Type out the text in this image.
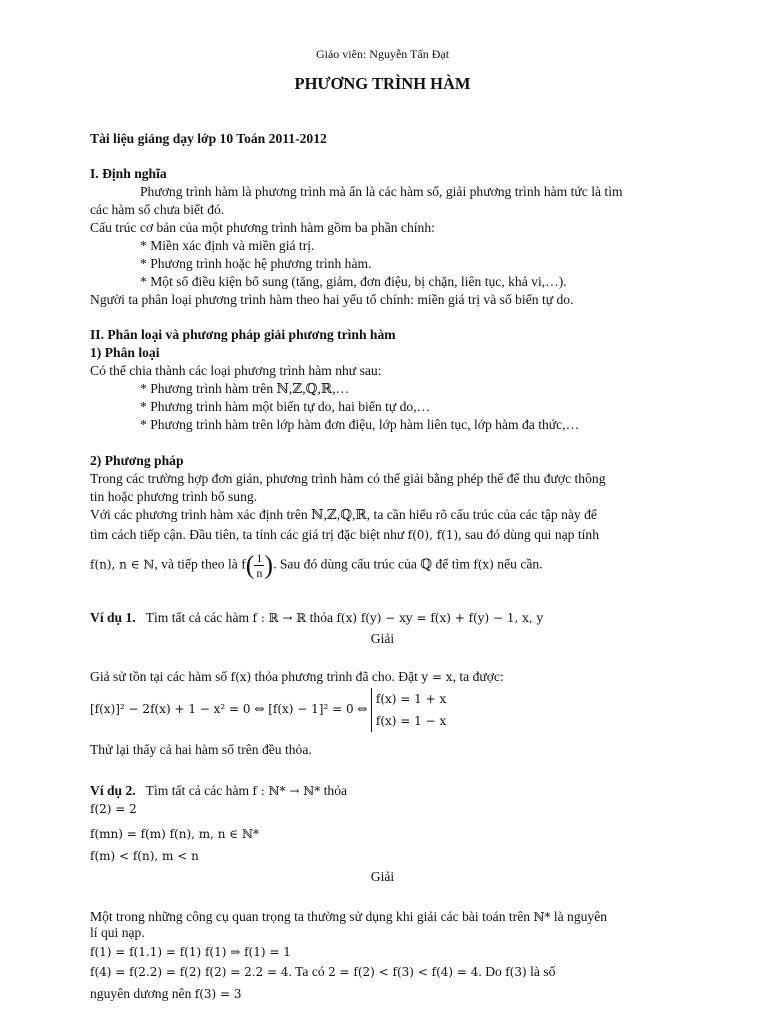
Giáo viên: Nguyễn Tấn Đạt
PHƯƠNG TRÌNH HÀM
Tài liệu giảng dạy lớp 10 Toán 2011-2012
I. Định nghĩa
Phương trình hàm là phương trình mà ẩn là các hàm số, giải phương trình hàm tức là tìm
các hàm số chưa biết đó.
Cấu trúc cơ bản của một phương trình hàm gồm ba phần chính:
* Miền xác định và miền giá trị.
* Phương trình hoặc hệ phương trình hàm.
* Một số điều kiện bổ sung (tăng, giảm, đơn điệu, bị chặn, liên tục, khả vi,…).
Người ta phân loại phương trình hàm theo hai yếu tố chính: miền giá trị và số biến tự do.
II. Phân loại và phương pháp giải phương trình hàm
1) Phân loại
Có thể chia thành các loại phương trình hàm như sau:
* Phương trình hàm trên ℕ,ℤ,ℚ,ℝ,…
* Phương trình hàm một biến tự do, hai biến tự do,…
* Phương trình hàm trên lớp hàm đơn điệu, lớp hàm liên tục, lớp hàm đa thức,…
2) Phương pháp
Trong các trường hợp đơn giản, phương trình hàm có thể giải bằng phép thế để thu được thông
tin hoặc phương trình bổ sung.
Với các phương trình hàm xác định trên ℕ,ℤ,ℚ,ℝ, ta cần hiểu rõ cấu trúc của các tập này để
tìm cách tiếp cận. Đầu tiên, ta tính các giá trị đặc biệt như f(0), f(1), sau đó dùng qui nạp tính
f(n), n ∈ ℕ, và tiếp theo là $f( \frac{1}{n}$ ). Sau đó dùng cấu trúc của ℚ để tìm f(x) nếu cần.
Ví dụ 1. Tìm tất cả các hàm f : ℝ → ℝ thỏa f(x) f(y) − xy = f(x) + f(y) − 1, x, y
Giải
Giả sử tồn tại các hàm số f(x) thỏa phương trình đã cho. Đặt y = x, ta được:
[f(x)]² − 2f(x) + 1 − x² = 0 ⇔ [f(x) − 1]² = 0 ⇔
f(x) = 1 + x
f(x) = 1 − x
Thử lại thấy cả hai hàm số trên đều thỏa.
Ví dụ 2. Tìm tất cả các hàm f : ℕ* → ℕ* thỏa
f(2) = 2
f(mn) = f(m) f(n), m, n ∈ ℕ*
f(m) < f(n), m < n
Giải
Một trong những công cụ quan trọng ta thường sử dụng khi giải các bài toán trên ℕ* là nguyên
lí qui nạp.
f(1) = f(1.1) = f(1) f(1) ⇒ f(1) = 1
f(4) = f(2.2) = f(2) f(2) = 2.2 = 4. Ta có 2 = f(2) < f(3) < f(4) = 4. Do f(3) là số
nguyên dương nên f(3) = 3
